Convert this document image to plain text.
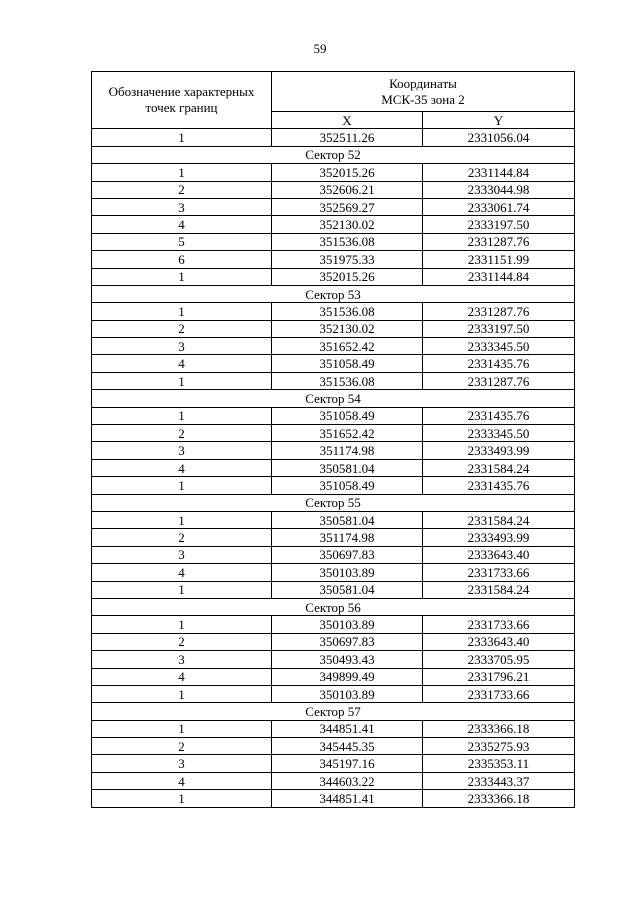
59
Обозначение характерных точек границ	Координаты
МСК-35 зона 2	

	X	Y
1	352511.26	2331056.04
Сектор 52		
1	352015.26	2331144.84
2	352606.21	2333044.98
3	352569.27	2333061.74
4	352130.02	2333197.50
5	351536.08	2331287.76
6	351975.33	2331151.99
1	352015.26	2331144.84
Сектор 53		
1	351536.08	2331287.76
2	352130.02	2333197.50
3	351652.42	2333345.50
4	351058.49	2331435.76
1	351536.08	2331287.76
Сектор 54		
1	351058.49	2331435.76
2	351652.42	2333345.50
3	351174.98	2333493.99
4	350581.04	2331584.24
1	351058.49	2331435.76
Сектор 55		
1	350581.04	2331584.24
2	351174.98	2333493.99
3	350697.83	2333643.40
4	350103.89	2331733.66
1	350581.04	2331584.24
Сектор 56		
1	350103.89	2331733.66
2	350697.83	2333643.40
3	350493.43	2333705.95
4	349899.49	2331796.21
1	350103.89	2331733.66
Сектор 57		
1	344851.41	2333366.18
2	345445.35	2335275.93
3	345197.16	2335353.11
4	344603.22	2333443.37
1	344851.41	2333366.18
